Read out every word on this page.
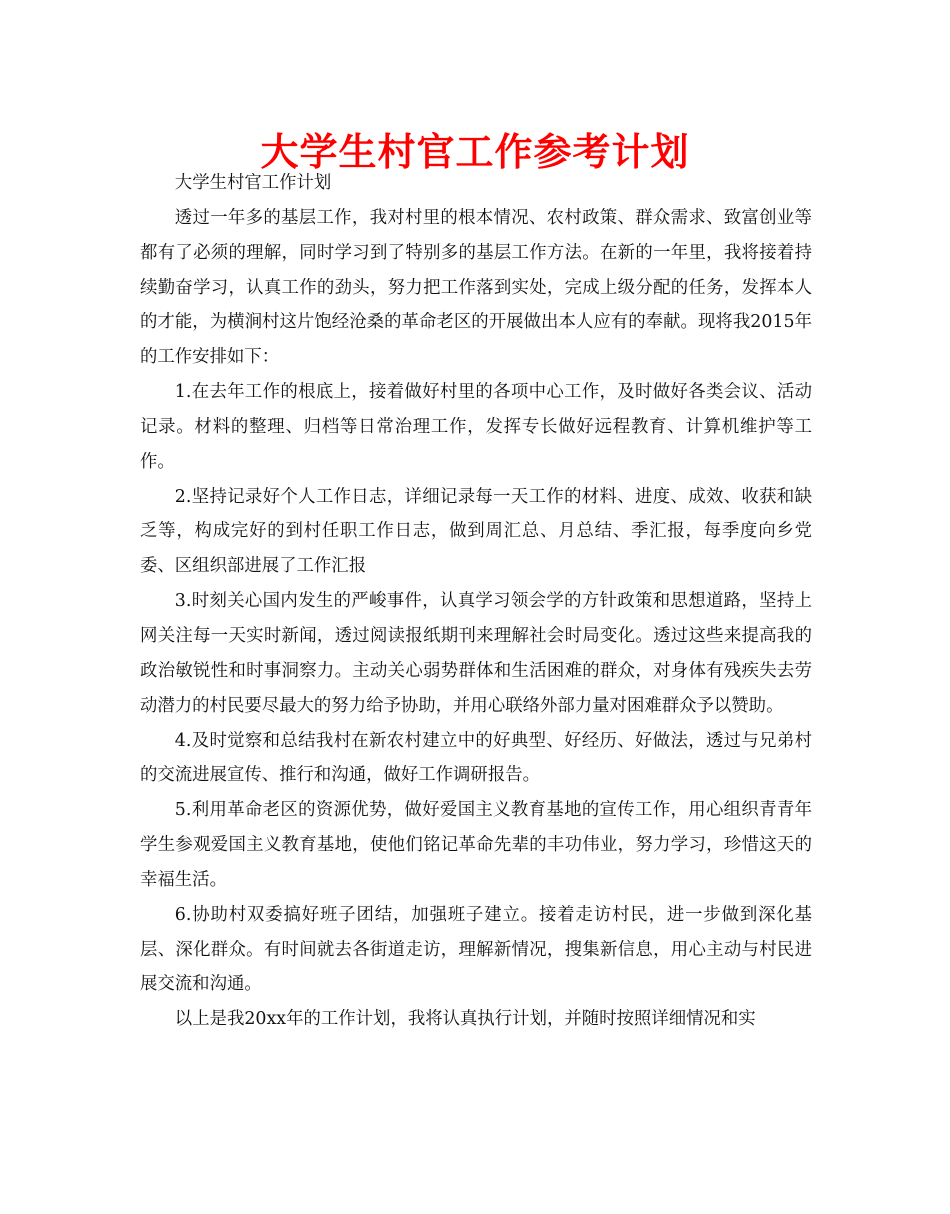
大学生村官工作参考计划

大学生村官工作计划

透过一年多的基层工作，我对村里的根本情况、农村政策、群众需求、致富创业等都有了必须的理解，同时学习到了特别多的基层工作方法。在新的一年里，我将接着持续勤奋学习，认真工作的劲头，努力把工作落到实处，完成上级分配的任务，发挥本人的才能，为横涧村这片饱经沧桑的革命老区的开展做出本人应有的奉献。现将我2015年的工作安排如下：

1.在去年工作的根底上，接着做好村里的各项中心工作，及时做好各类会议、活动记录。材料的整理、归档等日常治理工作，发挥专长做好远程教育、计算机维护等工作。

2.坚持记录好个人工作日志，详细记录每一天工作的材料、进度、成效、收获和缺乏等，构成完好的到村任职工作日志，做到周汇总、月总结、季汇报，每季度向乡党委、区组织部进展了工作汇报

3.时刻关心国内发生的严峻事件，认真学习领会学的方针政策和思想道路，坚持上网关注每一天实时新闻，透过阅读报纸期刊来理解社会时局变化。透过这些来提高我的政治敏锐性和时事洞察力。主动关心弱势群体和生活困难的群众，对身体有残疾失去劳动潜力的村民要尽最大的努力给予协助，并用心联络外部力量对困难群众予以赞助。

4.及时觉察和总结我村在新农村建立中的好典型、好经历、好做法，透过与兄弟村的交流进展宣传、推行和沟通，做好工作调研报告。

5.利用革命老区的资源优势，做好爱国主义教育基地的宣传工作，用心组织青青年学生参观爱国主义教育基地，使他们铭记革命先辈的丰功伟业，努力学习，珍惜这天的幸福生活。

6.协助村双委搞好班子团结，加强班子建立。接着走访村民，进一步做到深化基层、深化群众。有时间就去各街道走访，理解新情况，搜集新信息，用心主动与村民进展交流和沟通。

以上是我20xx年的工作计划，我将认真执行计划，并随时按照详细情况和实
